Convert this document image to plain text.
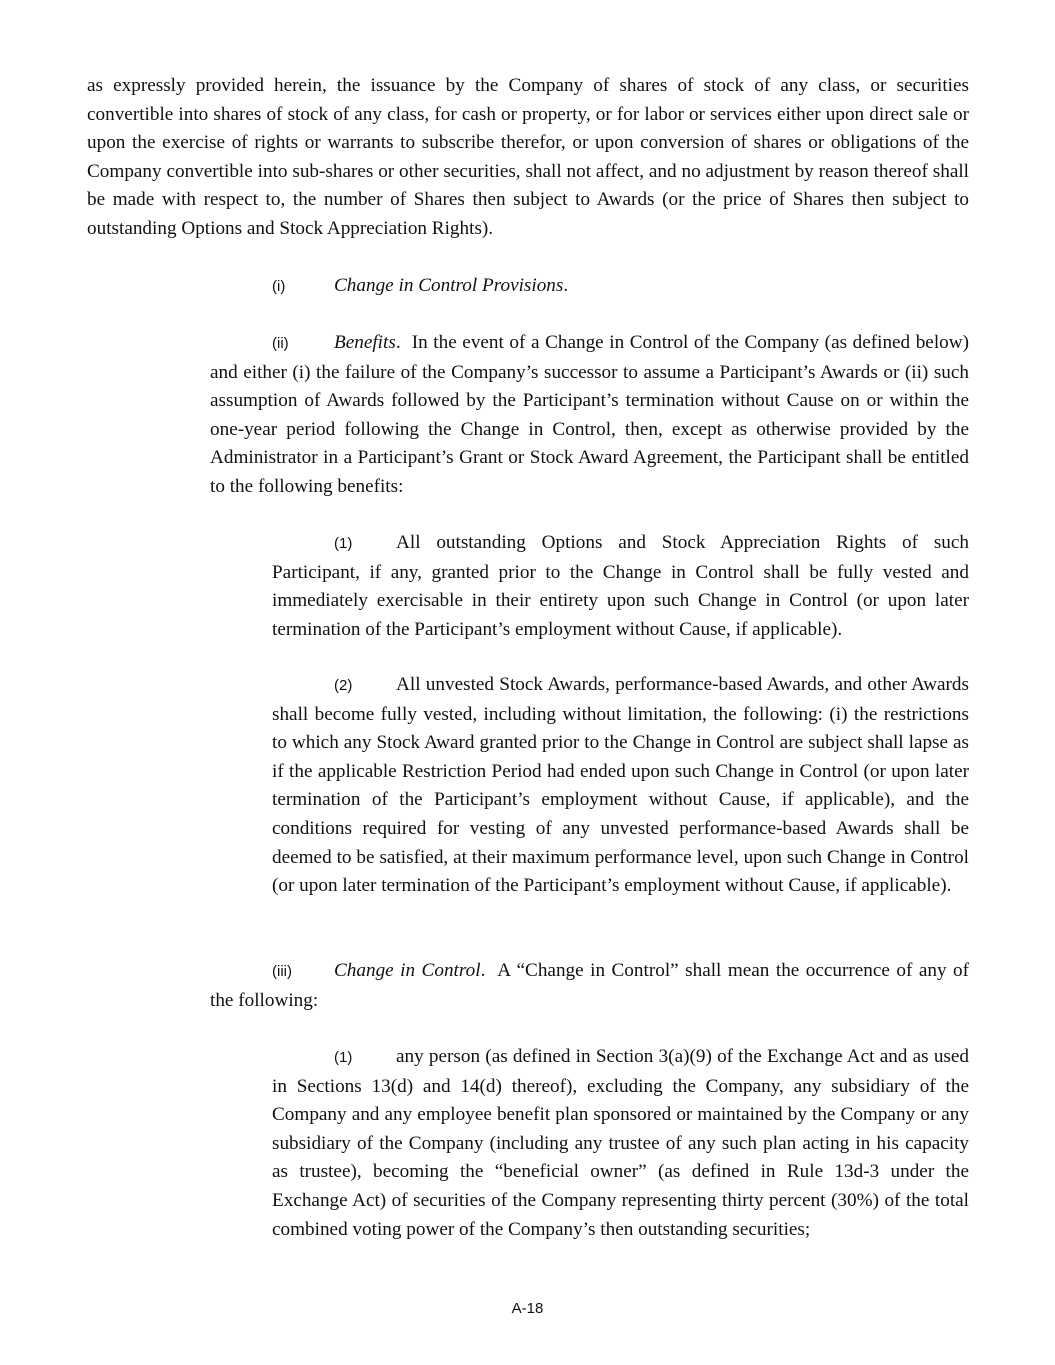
as expressly provided herein, the issuance by the Company of shares of stock of any class, or securities convertible into shares of stock of any class, for cash or property, or for labor or services either upon direct sale or upon the exercise of rights or warrants to subscribe therefor, or upon conversion of shares or obligations of the Company convertible into sub-shares or other securities, shall not affect, and no adjustment by reason thereof shall be made with respect to, the number of Shares then subject to Awards (or the price of Shares then subject to outstanding Options and Stock Appreciation Rights).

(i)	Change in Control Provisions.

(ii) Benefits. In the event of a Change in Control of the Company (as defined below) and either (i) the failure of the Company’s successor to assume a Participant’s Awards or (ii) such assumption of Awards followed by the Participant’s termination without Cause on or within the one-year period following the Change in Control, then, except as otherwise provided by the Administrator in a Participant’s Grant or Stock Award Agreement, the Participant shall be entitled to the following benefits:

(1) All outstanding Options and Stock Appreciation Rights of such Participant, if any, granted prior to the Change in Control shall be fully vested and immediately exercisable in their entirety upon such Change in Control (or upon later termination of the Participant’s employment without Cause, if applicable).

(2) All unvested Stock Awards, performance-based Awards, and other Awards shall become fully vested, including without limitation, the following: (i) the restrictions to which any Stock Award granted prior to the Change in Control are subject shall lapse as if the applicable Restriction Period had ended upon such Change in Control (or upon later termination of the Participant’s employment without Cause, if applicable), and the conditions required for vesting of any unvested performance-based Awards shall be deemed to be satisfied, at their maximum performance level, upon such Change in Control (or upon later termination of the Participant’s employment without Cause, if applicable).

(iii) Change in Control. A “Change in Control” shall mean the occurrence of any of the following:

(1) any person (as defined in Section 3(a)(9) of the Exchange Act and as used in Sections 13(d) and 14(d) thereof), excluding the Company, any subsidiary of the Company and any employee benefit plan sponsored or maintained by the Company or any subsidiary of the Company (including any trustee of any such plan acting in his capacity as trustee), becoming the “beneficial owner” (as defined in Rule 13d-3 under the Exchange Act) of securities of the Company representing thirty percent (30%) of the total combined voting power of the Company’s then outstanding securities;

A-18
